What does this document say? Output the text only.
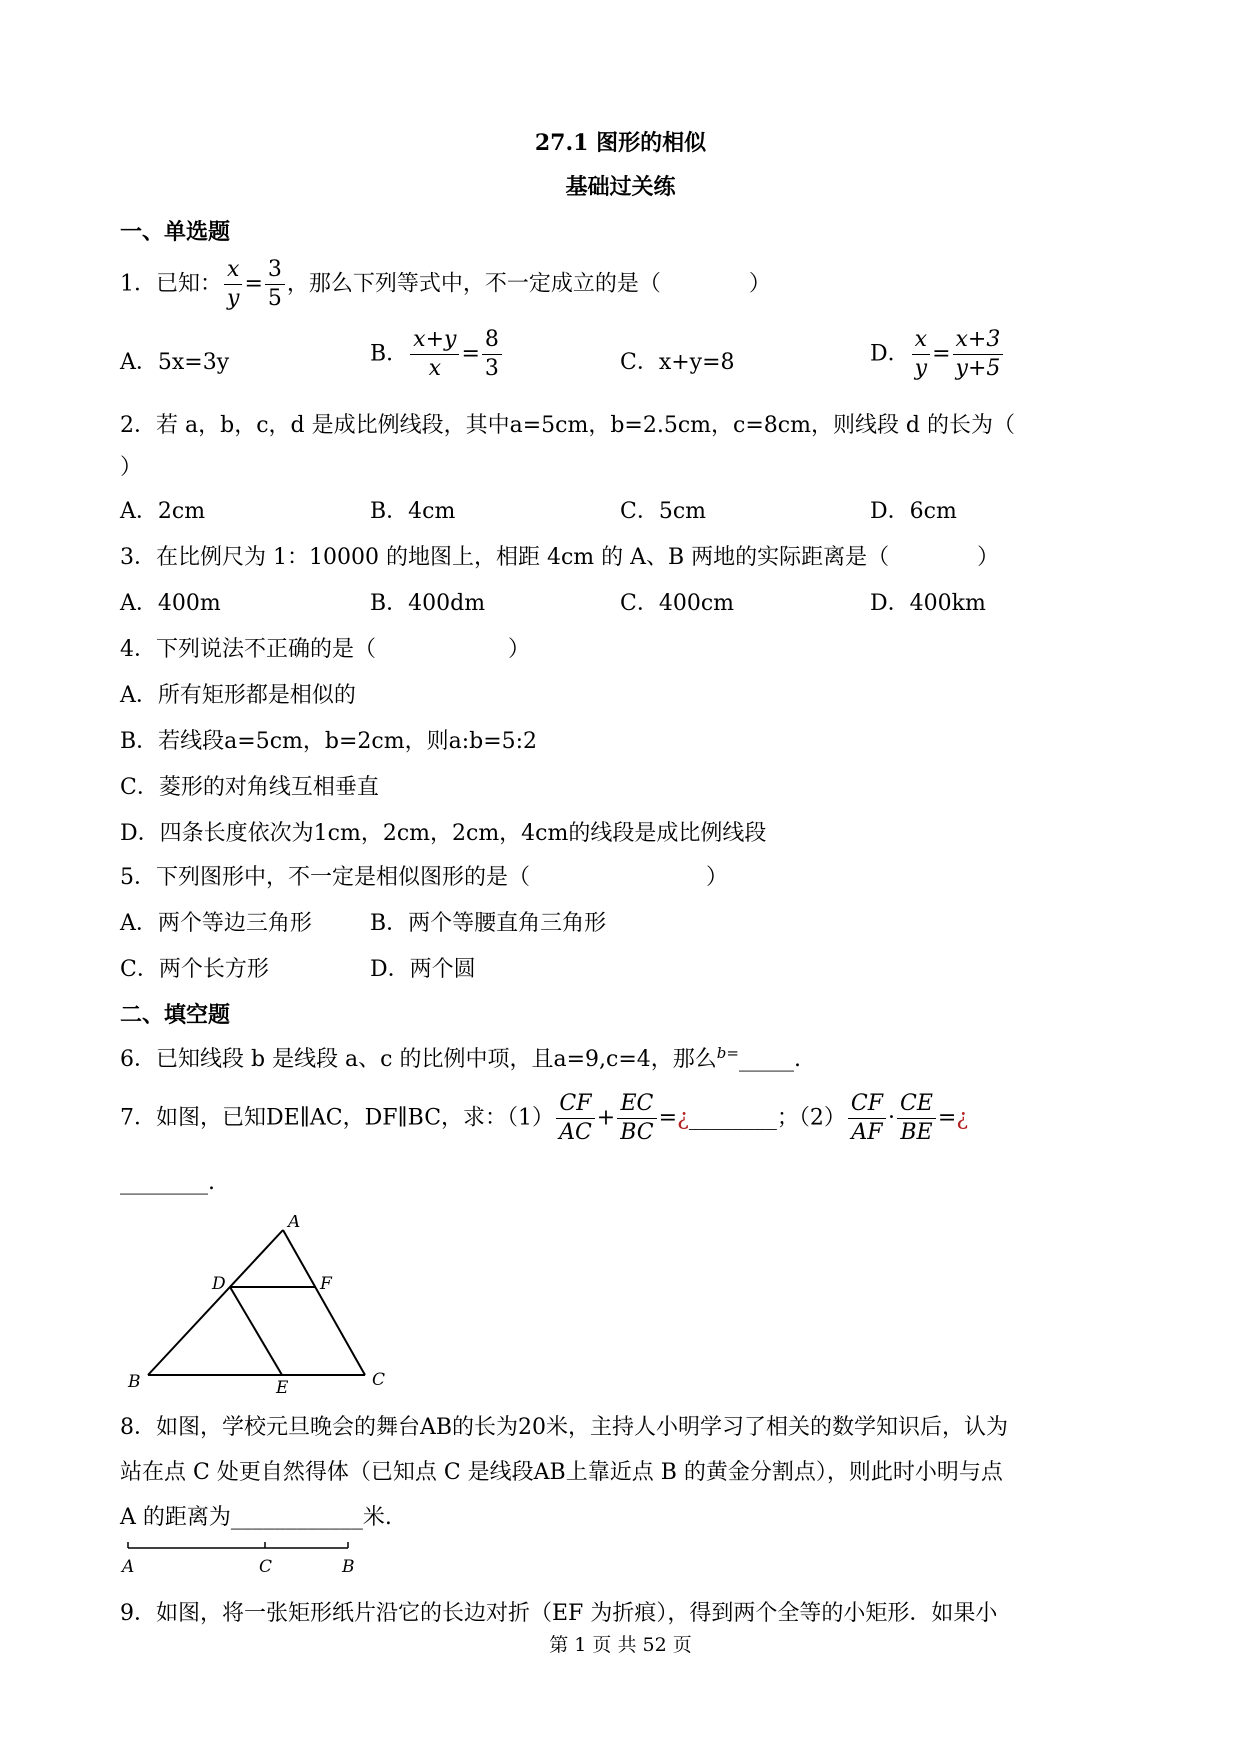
27.1 图形的相似
基础过关练
一、单选题
1．已知： $\frac{x}{y} = \frac{3}{5}$ ，那么下列等式中，不一定成立的是（　　　　）
A．5x=3y	B． $\frac{x+y}{x} = \frac{8}{3}$	C．x+y=8	D． $\frac{x}{y} = \frac{x+3}{y+5}$
2．若 a，b，c，d 是成比例线段，其中a=5cm，b=2.5cm，c=8cm，则线段 d 的长为（
）
A．2cm	B．4cm	C．5cm	D．6cm
3．在比例尺为 1：10000 的地图上，相距 4cm 的 A、B 两地的实际距离是（　　　　）
A．400m	B．400dm	C．400cm	D．400km
4．下列说法不正确的是（　　　　　　）
A．所有矩形都是相似的
B．若线段a=5cm，b=2cm，则a:b=5:2
C．菱形的对角线互相垂直
D．四条长度依次为1cm，2cm，2cm，4cm的线段是成比例线段
5．下列图形中，不一定是相似图形的是（　　　　　　　　）
A．两个等边三角形	B．两个等腰直角三角形
C．两个长方形	D．两个圆
二、填空题
6．已知线段 b 是线段 a、c 的比例中项，且a=9,c=4，那么$^{b=}$_____.
7．如图，已知DE∥AC，DF∥BC，求：$(1) \frac{CF}{AC} + \frac{EC}{BC}$ =¿________；$(2) \frac{CF}{AF} \cdot \frac{CE}{BE}$ =¿
________.
A
B	C
D
E
F
8．如图，学校元旦晚会的舞台AB的长为20米，主持人小明学习了相关的数学知识后，认为
站在点 C 处更自然得体（已知点 C 是线段AB上靠近点 B 的黄金分割点），则此时小明与点
A 的距离为____________米.
A	C	B
9．如图，将一张矩形纸片沿它的长边对折（EF 为折痕），得到两个全等的小矩形．如果小
第 1 页 共 52 页
